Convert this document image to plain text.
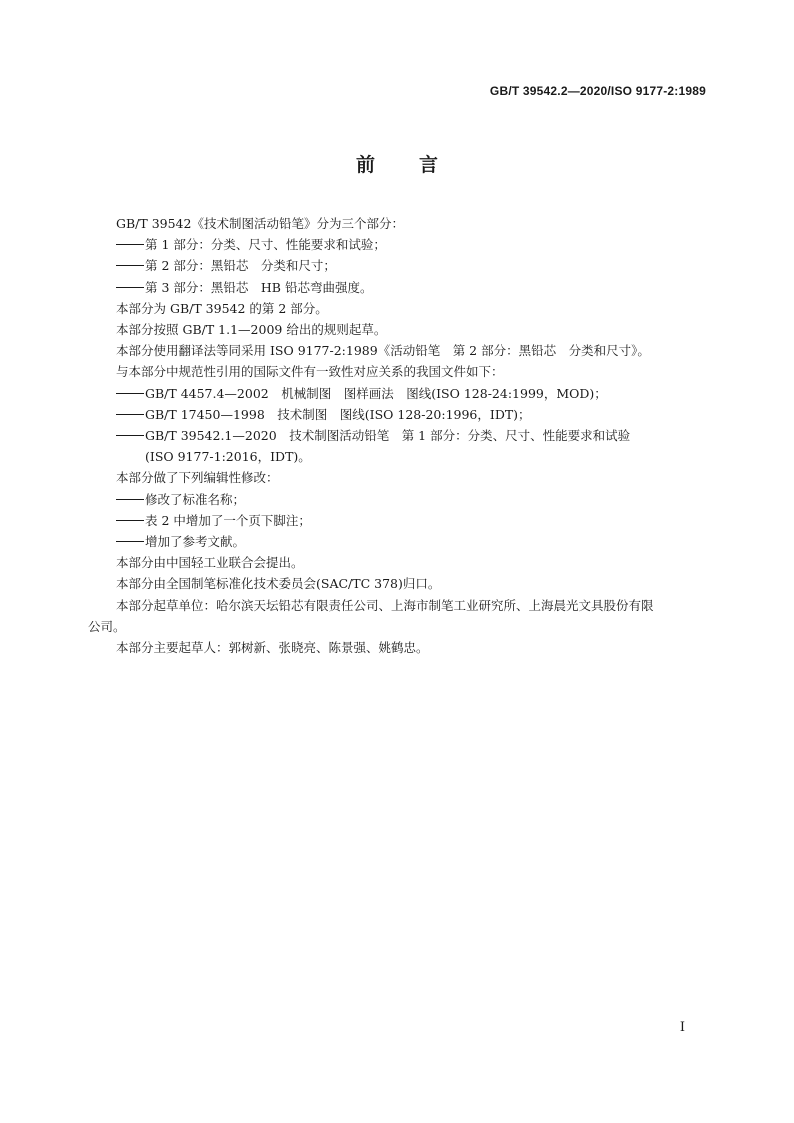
GB/T 39542.2—2020/ISO 9177-2:1989
前言

GB/T 39542《技术制图活动铅笔》分为三个部分：

第 1 部分：分类、尺寸、性能要求和试验；

第 2 部分：黑铅芯　分类和尺寸；

第 3 部分：黑铅芯　HB 铅芯弯曲强度。

本部分为 GB/T 39542 的第 2 部分。

本部分按照 GB/T 1.1—2009 给出的规则起草。

本部分使用翻译法等同采用 ISO 9177-2:1989《活动铅笔　第 2 部分：黑铅芯　分类和尺寸》。

与本部分中规范性引用的国际文件有一致性对应关系的我国文件如下：

GB/T 4457.4—2002　机械制图　图样画法　图线(ISO 128-24:1999，MOD)；

GB/T 17450—1998　技术制图　图线(ISO 128-20:1996，IDT)；

GB/T 39542.1—2020　技术制图活动铅笔　第 1 部分：分类、尺寸、性能要求和试验

(ISO 9177-1:2016，IDT)。

本部分做了下列编辑性修改：

修改了标准名称；

表 2 中增加了一个页下脚注；

增加了参考文献。

本部分由中国轻工业联合会提出。

本部分由全国制笔标准化技术委员会(SAC/TC 378)归口。

本部分起草单位：哈尔滨天坛铅芯有限责任公司、上海市制笔工业研究所、上海晨光文具股份有限

公司。

本部分主要起草人：郭树新、张晓亮、陈景强、姚鹤忠。

I
